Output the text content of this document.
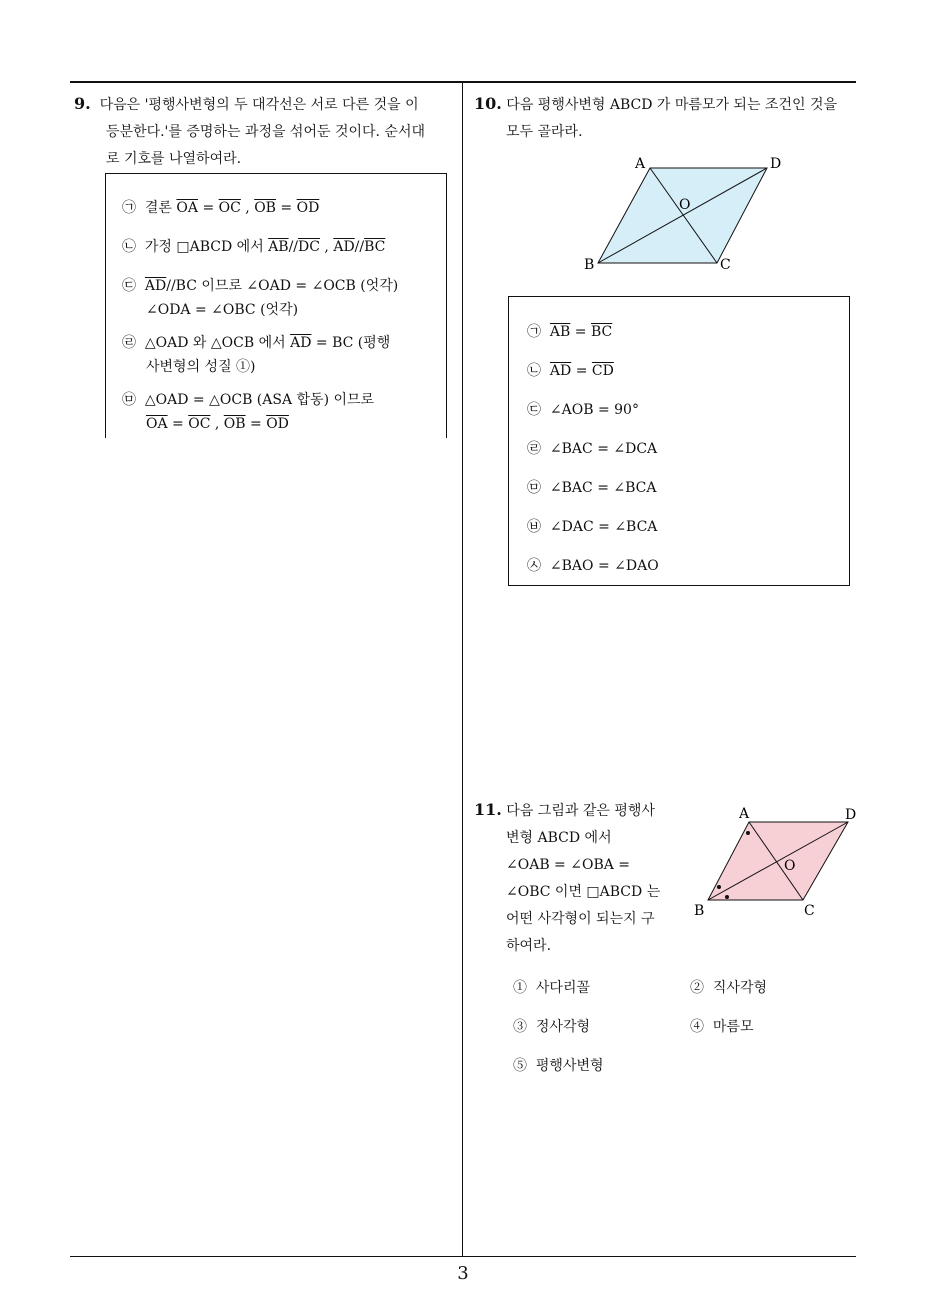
3
9. 다음은 '평행사변형의 두 대각선은 서로 다른 것을 이
등분한다.'를 증명하는 과정을 섞어둔 것이다. 순서대
로 기호를 나열하여라.
㉠ 결론 $\overline{OA} = \overline{OC}$ , $\overline{OB} = \overline{OD}$
㉡ 가정 □ABCD 에서 $\overline{AB}//\overline{DC}$ , $\overline{AD}//\overline{BC}$
㉢ $\overline{AD}//BC$ 이므로 ∠OAD = ∠OCB (엇각)
∠ODA = ∠OBC (엇각)
㉣ △OAD 와 △OCB 에서 $\overline{AD}$ = BC (평행
사변형의 성질 ①)
㉤ △OAD = △OCB (ASA 합동) 이므로
$\overline{OA} = \overline{OC}$ , $\overline{OB} = \overline{OD}$
10. 다음 평행사변형 ABCD 가 마름모가 되는 조건인 것을
모두 골라라.
A	D
O
B	C
㉠ $\overline{AB} = \overline{BC}$
㉡ $\overline{AD} = \overline{CD}$
㉢ ∠AOB = 90°
㉣ ∠BAC = ∠DCA
㉤ ∠BAC = ∠BCA
㉥ ∠DAC = ∠BCA
㉦ ∠BAO = ∠DAO
11. 다음 그림과 같은 평행사
변형 ABCD 에서
∠OAB = ∠OBA =
∠OBC 이면 □ABCD 는
어떤 사각형이 되는지 구
하여라.
A	D
O
B	C
① 사다리꼴	② 직사각형
③ 정사각형	④ 마름모
⑤ 평행사변형
